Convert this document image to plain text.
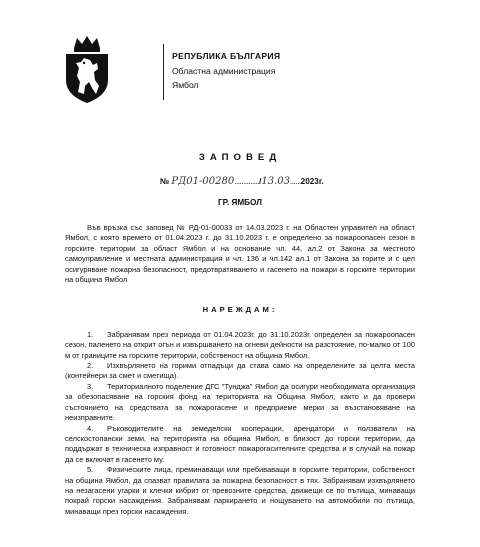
РЕПУБЛИКА БЪЛГАРИЯ
Областна администрация
Ямбол
ЗАПОВЕД
№ РД01-00280............../13.03......2023г.
ГР. ЯМБОЛ

Във връзка със заповед № РД-01-00033 от 14.03.2023 г. на Областен управител на област Ямбол, с която времето от 01.04.2023 г. до 31.10.2023 г. е определено за пожароопасен сезон в горските територии за област Ямбол и на основание чл. 44, ал.2 от Закона за местното самоуправление и местната администрация и чл. 136 и чл.142 ал.1 от Закона за горите и с цел осигуряване пожарна безопасност, предотвратяването и гасенето на пожари в горските територии на община Ямбол

НАРЕЖДАМ:

1. Забранявам през периода от 01.04.2023г. до 31.10.2023г. определен за пожароопасен сезон, паленето на открит огън и извършването на огневи дейности на разстояние, по-малко от 100 м от границите на горските територии, собственост на община Ямбол.

2. Изхвърлянето на горими отпадъци да става само на определените за целта места (контейнери за смет и сметища).

3. Териториалното поделение ДГС "Тунджа" Ямбол да осигури необходимата организация за обезопасяване на горския фонд на територията на Община Ямбол, както и да провери състоянието на средствата за пожарогасене и предприеме мерки за възстановяване на неизправните.

4. Ръководителите на земеделски кооперации, арендатори и ползватели на селскостопански земи, на територията на община Ямбол, в близост до горски територии, да поддържат в техническа изправност и готовност пожарогасителните средства и в случай на пожар да се включат в гасенето му.

5. Физическите лица, преминаващи или пребиваващи в горските територии, собственост на община Ямбол, да спазват правилата за пожарна безопасност в тях. Забранявам изхвърлянето на незагасени угарки и клечки кибрит от превозните средства, движещи се по пътища, минаващи покрай горски насаждения. Забранявам паркирането и нощуването на автомобили по пътища, минаващи през горски насаждения.
